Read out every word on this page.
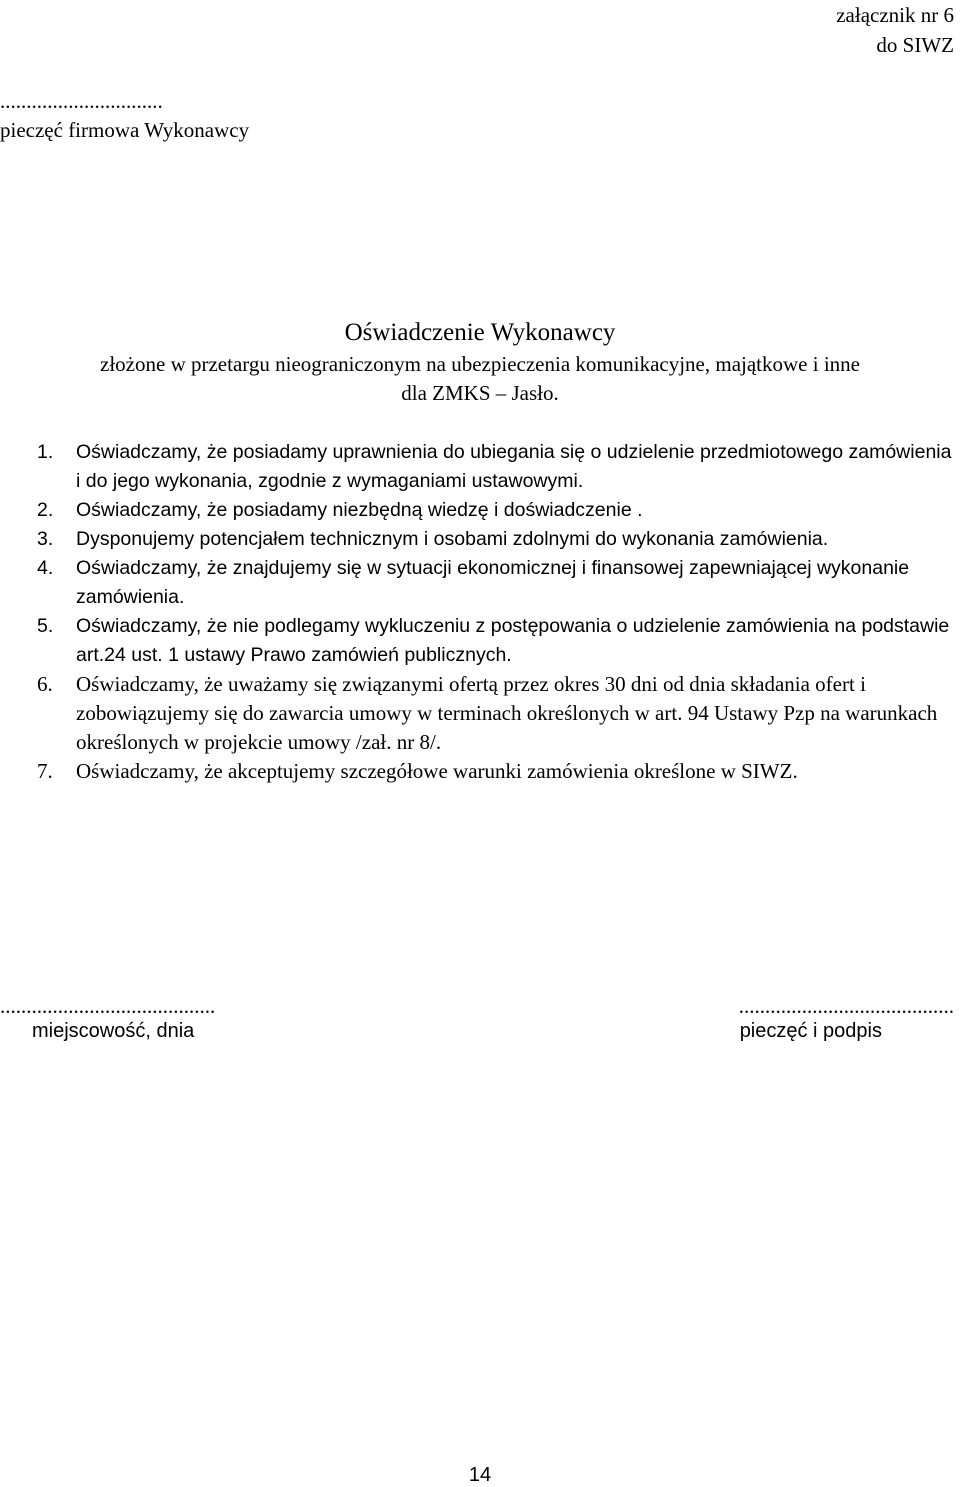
załącznik nr 6
do SIWZ
...............................
pieczęć firmowa Wykonawcy
Oświadczenie Wykonawcy
złożone w przetargu nieograniczonym na ubezpieczenia komunikacyjne, majątkowe i inne
dla ZMKS – Jasło.
1. Oświadczamy, że posiadamy uprawnienia do ubiegania się o udzielenie przedmiotowego zamówienia i do jego wykonania, zgodnie z wymaganiami ustawowymi.
2. Oświadczamy, że posiadamy niezbędną wiedzę i doświadczenie .
3. Dysponujemy potencjałem technicznym i osobami zdolnymi do wykonania zamówienia.
4. Oświadczamy, że znajdujemy się w sytuacji ekonomicznej i finansowej zapewniającej wykonanie zamówienia.
5. Oświadczamy, że nie podlegamy wykluczeniu z postępowania o udzielenie zamówienia na podstawie art.24 ust. 1 ustawy Prawo zamówień publicznych.
6. Oświadczamy, że uważamy się związanymi ofertą przez okres 30 dni od dnia składania ofert i zobowiązujemy się do zawarcia umowy w terminach określonych w art. 94 Ustawy Pzp na warunkach określonych w projekcie umowy /zał. nr 8/.
7. Oświadczamy, że akceptujemy szczegółowe warunki zamówienia określone w SIWZ.
.........................................
miejscowość, dnia
.........................................
pieczęć i podpis
14
